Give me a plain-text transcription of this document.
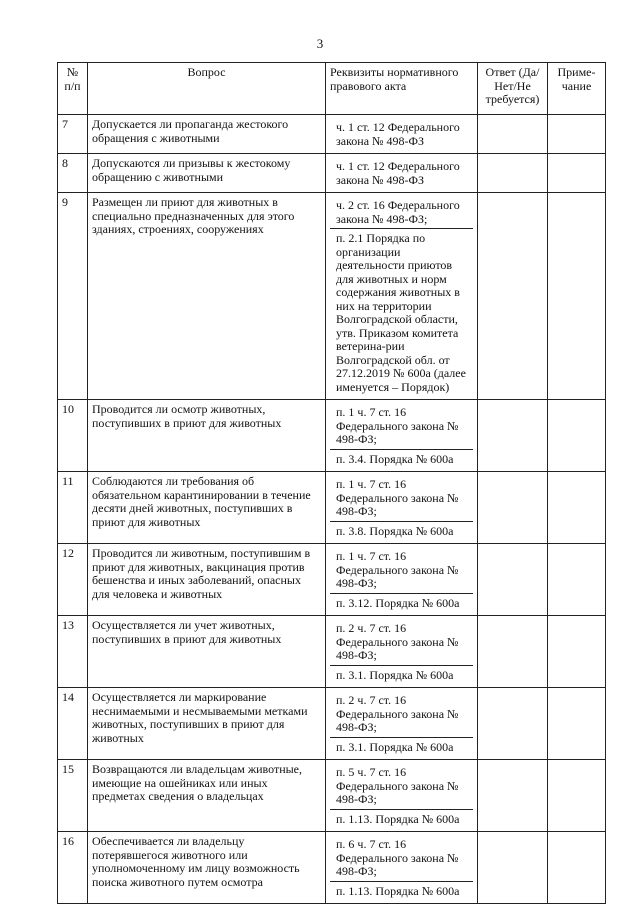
3
№ п/п	Вопрос	Реквизиты нормативного правового акта	Ответ (Да/Нет/Не требуется)	Приме-чание
7	Допускается ли пропаганда жестокого обращения с животными	ч. 1 ст. 12 Федерального закона № 498-ФЗ		

8	Допускаются ли призывы к жестокому обращению с животными	ч. 1 ст. 12 Федерального закона № 498-ФЗ		

9	Размещен ли приют для животных в специально предназначенных для этого зданиях, строениях, сооружениях	ч. 2 ст. 16 Федерального закона № 498-ФЗ;
п. 2.1 Порядка по организации деятельности приютов для животных и норм содержания животных в них на территории Волгоградской области, утв. Приказом комитета ветерина-рии Волгоградской обл. от 27.12.2019 № 600а (далее именуется – Порядок)		

10	Проводится ли осмотр животных, поступивших в приют для животных	п. 1 ч. 7 ст. 16 Федерального закона № 498-ФЗ;
п. 3.4. Порядка № 600а		

11	Соблюдаются ли требования об обязательном карантинировании в течение десяти дней животных, поступивших в приют для животных	п. 1 ч. 7 ст. 16 Федерального закона № 498-ФЗ;
п. 3.8. Порядка № 600а		

12	Проводится ли животным, поступившим в приют для животных, вакцинация против бешенства и иных заболеваний, опасных для человека и животных	п. 1 ч. 7 ст. 16 Федерального закона № 498-ФЗ;
п. 3.12. Порядка № 600а		

13	Осуществляется ли учет животных, поступивших в приют для животных	п. 2 ч. 7 ст. 16 Федерального закона № 498-ФЗ;
п. 3.1. Порядка № 600а		

14	Осуществляется ли маркирование неснимаемыми и несмываемыми метками животных, поступивших в приют для животных	п. 2 ч. 7 ст. 16 Федерального закона № 498-ФЗ;
п. 3.1. Порядка № 600а		

15	Возвращаются ли владельцам животные, имеющие на ошейниках или иных предметах сведения о владельцах	п. 5 ч. 7 ст. 16 Федерального закона № 498-ФЗ;
п. 1.13. Порядка № 600а		

16	Обеспечивается ли владельцу потерявшегося животного или уполномоченному им лицу возможность поиска животного путем осмотра	п. 6 ч. 7 ст. 16 Федерального закона № 498-ФЗ;
п. 1.13. Порядка № 600а		
